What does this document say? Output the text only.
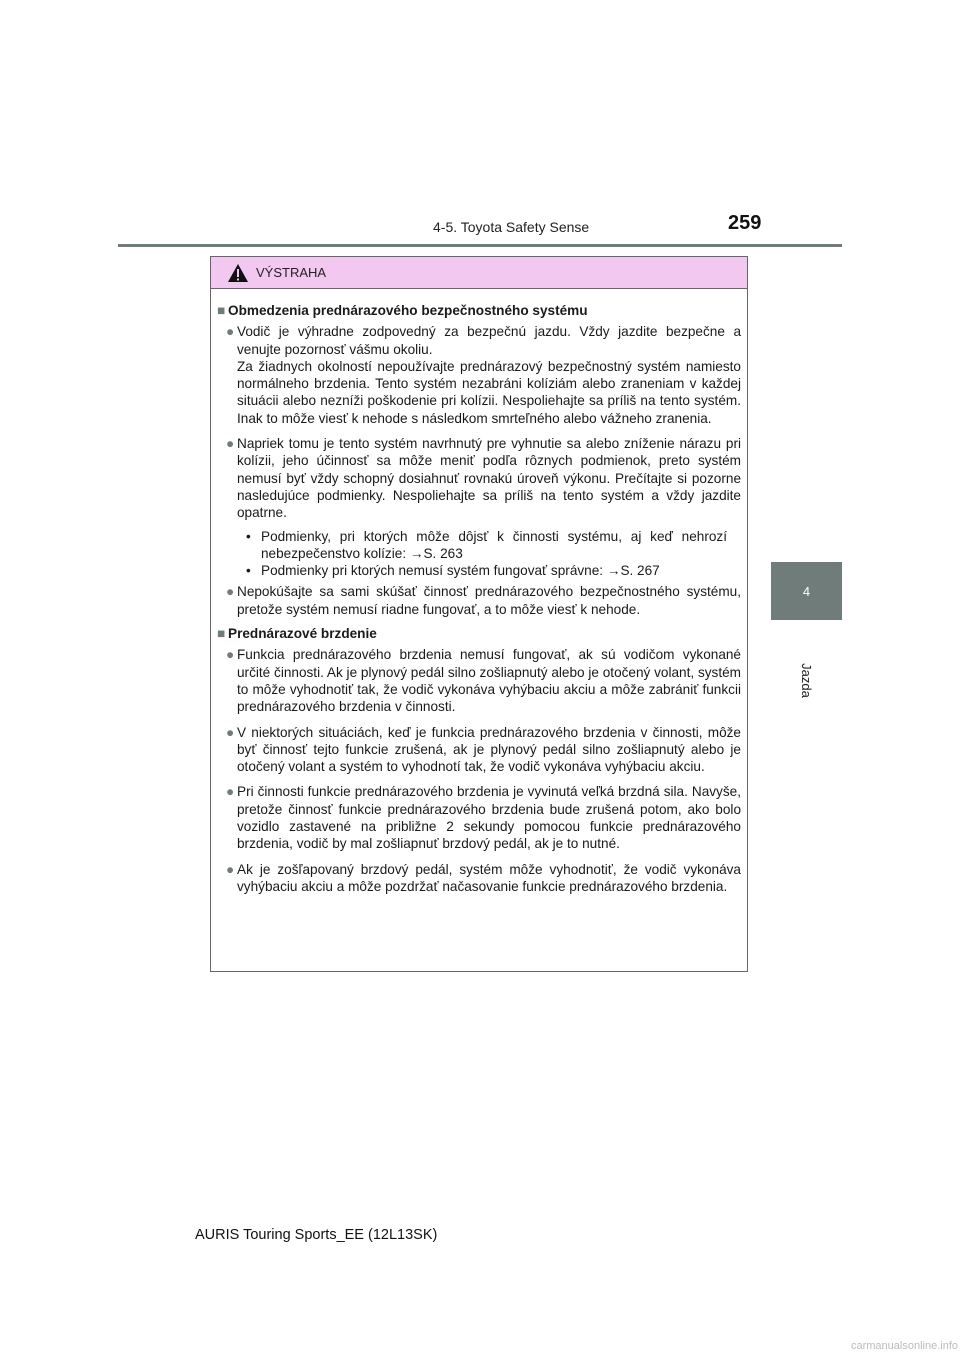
4-5. Toyota Safety Sense	259
4
Jazda
VÝSTRAHA
■ Obmedzenia prednárazového bezpečnostného systému
● Vodič je výhradne zodpovedný za bezpečnú jazdu. Vždy jazdite bezpečne a venujte pozornosť vášmu okoliu.
Za žiadnych okolností nepoužívajte prednárazový bezpečnostný systém namiesto normálneho brzdenia. Tento systém nezabráni kolíziám alebo zraneniam v každej situácii alebo nezníži poškodenie pri kolízii. Nespoliehajte sa príliš na tento systém. Inak to môže viesť k nehode s následkom smrteľného alebo vážneho zranenia.
● Napriek tomu je tento systém navrhnutý pre vyhnutie sa alebo zníženie nárazu pri kolízii, jeho účinnosť sa môže meniť podľa rôznych podmienok, preto systém nemusí byť vždy schopný dosiahnuť rovnakú úroveň výkonu. Prečítajte si pozorne nasledujúce podmienky. Nespoliehajte sa príliš na tento systém a vždy jazdite opatrne.
• Podmienky, pri ktorých môže dôjsť k činnosti systému, aj keď nehrozí nebezpečenstvo kolízie: →S. 263
• Podmienky pri ktorých nemusí systém fungovať správne: →S. 267
● Nepokúšajte sa sami skúšať činnosť prednárazového bezpečnostného systému, pretože systém nemusí riadne fungovať, a to môže viesť k nehode.
■ Prednárazové brzdenie
● Funkcia prednárazového brzdenia nemusí fungovať, ak sú vodičom vykonané určité činnosti. Ak je plynový pedál silno zošliapnutý alebo je otočený volant, systém to môže vyhodnotiť tak, že vodič vykonáva vyhýbaciu akciu a môže zabrániť funkcii prednárazového brzdenia v činnosti.
● V niektorých situáciách, keď je funkcia prednárazového brzdenia v činnosti, môže byť činnosť tejto funkcie zrušená, ak je plynový pedál silno zošliapnutý alebo je otočený volant a systém to vyhodnotí tak, že vodič vykonáva vyhýbaciu akciu.
● Pri činnosti funkcie prednárazového brzdenia je vyvinutá veľká brzdná sila. Navyše, pretože činnosť funkcie prednárazového brzdenia bude zrušená potom, ako bolo vozidlo zastavené na približne 2 sekundy pomocou funkcie prednárazového brzdenia, vodič by mal zošliapnuť brzdový pedál, ak je to nutné.
● Ak je zošľapovaný brzdový pedál, systém môže vyhodnotiť, že vodič vykonáva vyhýbaciu akciu a môže pozdržať načasovanie funkcie prednárazového brzdenia.
AURIS Touring Sports_EE (12L13SK)
carmanualsonline.info
